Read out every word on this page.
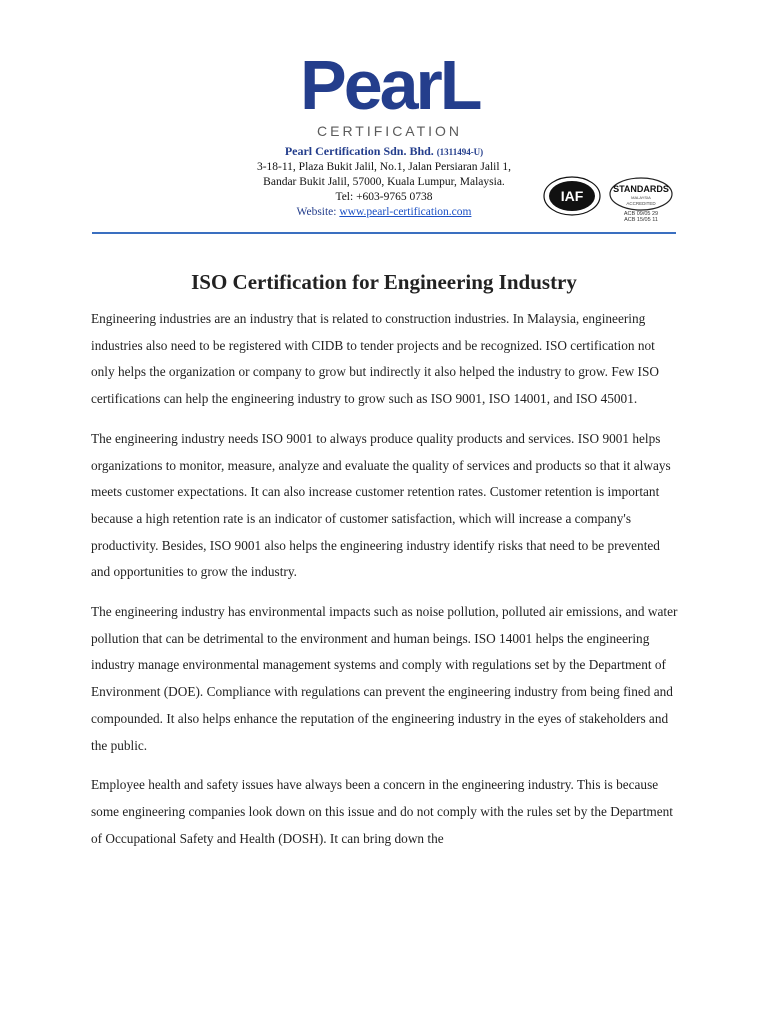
PearL
CERTIFICATION
Pearl Certification Sdn. Bhd. (1311494-U)
3-18-11, Plaza Bukit Jalil, No.1, Jalan Persiaran Jalil 1,
Bandar Bukit Jalil, 57000, Kuala Lumpur, Malaysia.
Tel: +603-9765 0738
Website: www.pearl-certification.com
IAF	STANDARDS
MALAYSIA
ACCREDITED
ACB 09/05 29
ACB 15/05 11
ISO Certification for Engineering Industry

Engineering industries are an industry that is related to construction industries. In Malaysia, engineering industries also need to be registered with CIDB to tender projects and be recognized. ISO certification not only helps the organization or company to grow but indirectly it also helped the industry to grow. Few ISO certifications can help the engineering industry to grow such as ISO 9001, ISO 14001, and ISO 45001.

The engineering industry needs ISO 9001 to always produce quality products and services. ISO 9001 helps organizations to monitor, measure, analyze and evaluate the quality of services and products so that it always meets customer expectations. It can also increase customer retention rates. Customer retention is important because a high retention rate is an indicator of customer satisfaction, which will increase a company's productivity. Besides, ISO 9001 also helps the engineering industry identify risks that need to be prevented and opportunities to grow the industry.

The engineering industry has environmental impacts such as noise pollution, polluted air emissions, and water pollution that can be detrimental to the environment and human beings. ISO 14001 helps the engineering industry manage environmental management systems and comply with regulations set by the Department of Environment (DOE). Compliance with regulations can prevent the engineering industry from being fined and compounded. It also helps enhance the reputation of the engineering industry in the eyes of stakeholders and the public.

Employee health and safety issues have always been a concern in the engineering industry. This is because some engineering companies look down on this issue and do not comply with the rules set by the Department of Occupational Safety and Health (DOSH). It can bring down the
